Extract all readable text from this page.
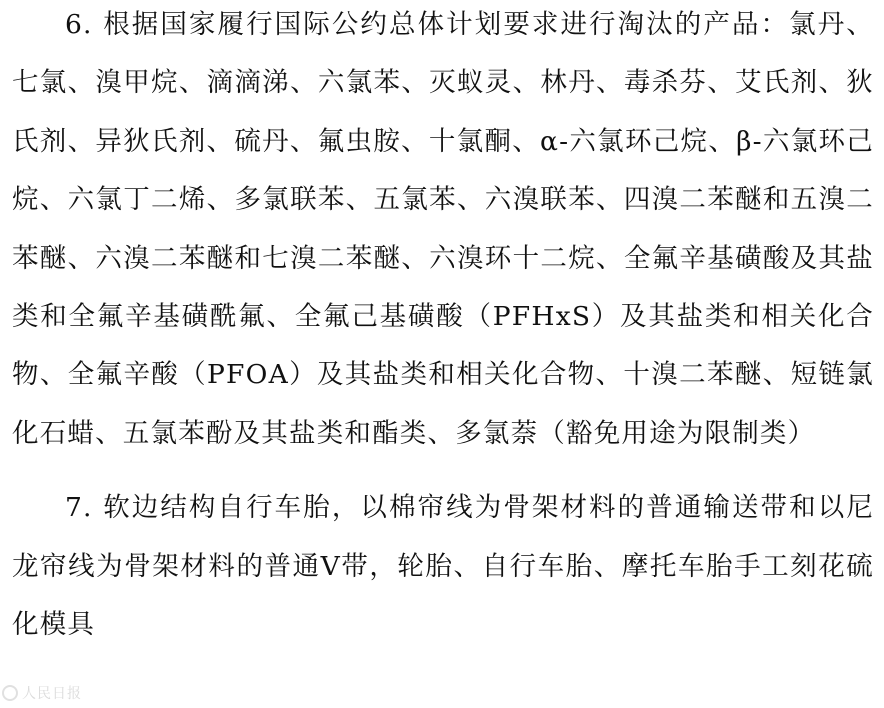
6. 根据国家履行国际公约总体计划要求进行淘汰的产品：氯丹、七氯、溴甲烷、滴滴涕、六氯苯、灭蚁灵、林丹、毒杀芬、艾氏剂、狄氏剂、异狄氏剂、硫丹、氟虫胺、十氯酮、α-六氯环己烷、β-六氯环己烷、六氯丁二烯、多氯联苯、五氯苯、六溴联苯、四溴二苯醚和五溴二苯醚、六溴二苯醚和七溴二苯醚、六溴环十二烷、全氟辛基磺酸及其盐类和全氟辛基磺酰氟、全氟己基磺酸（PFHxS）及其盐类和相关化合物、全氟辛酸（PFOA）及其盐类和相关化合物、十溴二苯醚、短链氯化石蜡、五氯苯酚及其盐类和酯类、多氯萘（豁免用途为限制类）

7. 软边结构自行车胎，以棉帘线为骨架材料的普通输送带和以尼龙帘线为骨架材料的普通V带，轮胎、自行车胎、摩托车胎手工刻花硫化模具

人民日报
